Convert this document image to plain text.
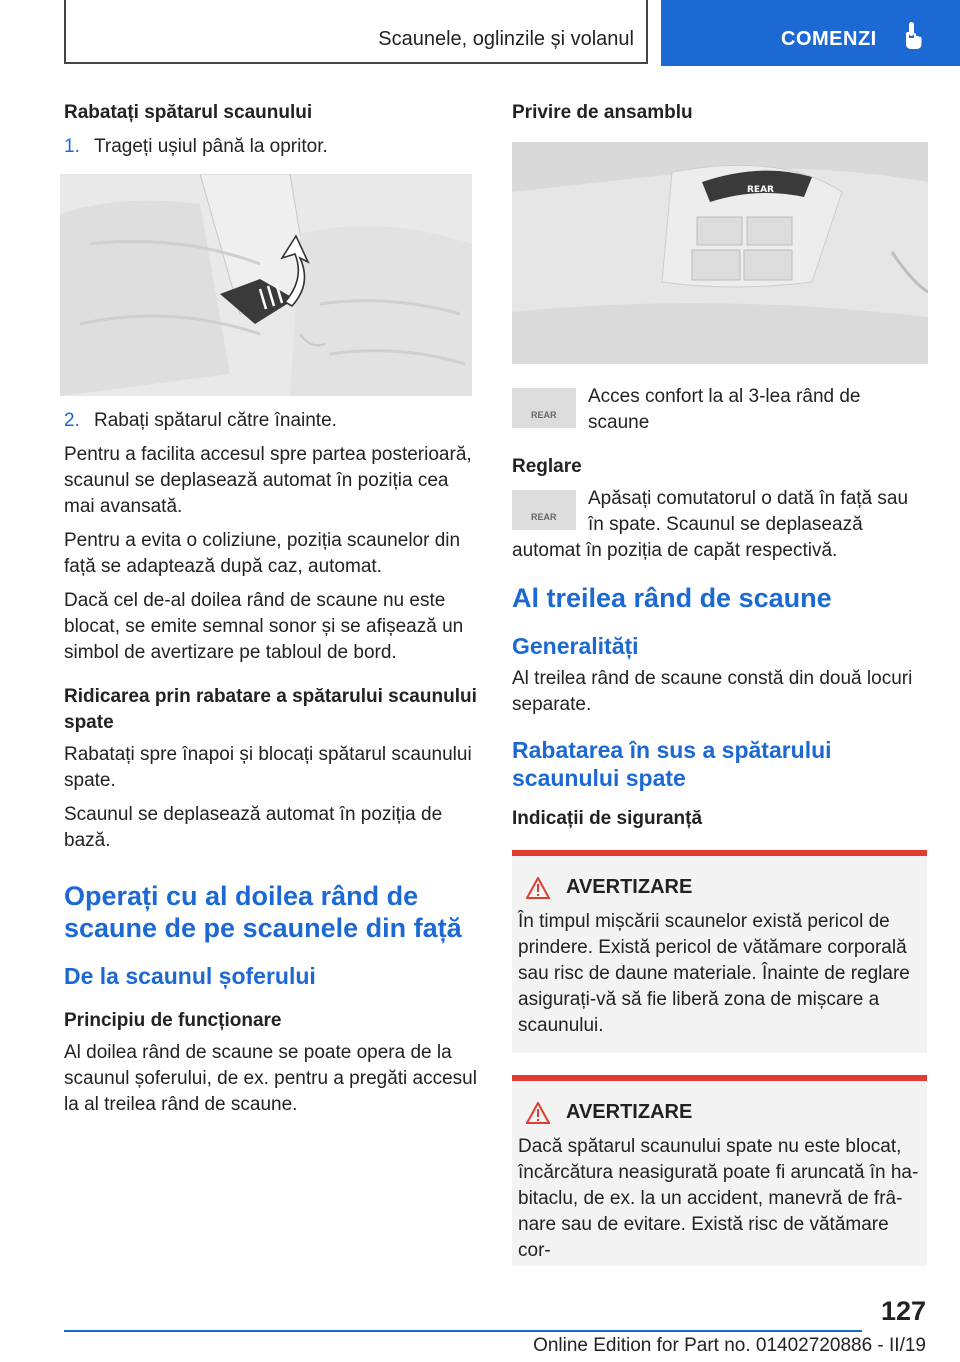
Scaunele, oglinzile și volanul	COMENZI
Rabatați spătarul scaunului
1. Trageți ușiul până la opritor.
2. Rabați spătarul către înainte.
Pentru a facilita accesul spre partea posterioară, scaunul se deplasează automat în poziția cea mai avansată.
Pentru a evita o coliziune, poziția scaunelor din față se adaptează după caz, automat.
Dacă cel de-al doilea rând de scaune nu este blocat, se emite semnal sonor și se afișează un simbol de avertizare pe tabloul de bord.
Ridicarea prin rabatare a spătarului scaunului spate
Rabatați spre înapoi și blocați spătarul scaunului spate.
Scaunul se deplasează automat în poziția de bază.
Operați cu al doilea rând de scaune de pe scaunele din față
De la scaunul șoferului
Principiu de funcționare
Al doilea rând de scaune se poate opera de la scaunul șoferului, de ex. pentru a pregăti accesul la al treilea rând de scaune.
Privire de ansamblu
REAR
REAR
Acces confort la al 3-lea rând de scaune
Reglare
REAR
Apăsați comutatorul o dată în față sau în spate. Scaunul se deplasează automat în poziția de capăt respectivă.
Al treilea rând de scaune
Generalități
Al treilea rând de scaune constă din două locuri separate.
Rabatarea în sus a spătarului scaunului spate
Indicații de siguranță
AVERTIZARE
În timpul mișcării scaunelor există pericol de prindere. Există pericol de vătămare corporală sau risc de daune materiale. Înainte de reglare asigurați-vă să fie liberă zona de mișcare a scaunului.
AVERTIZARE
Dacă spătarul scaunului spate nu este blocat, încărcătura neasigurată poate fi aruncată în ha-bitaclu, de ex. la un accident, manevră de frâ-nare sau de evitare. Există risc de vătămare cor-
127
Online Edition for Part no. 01402720886 - II/19
